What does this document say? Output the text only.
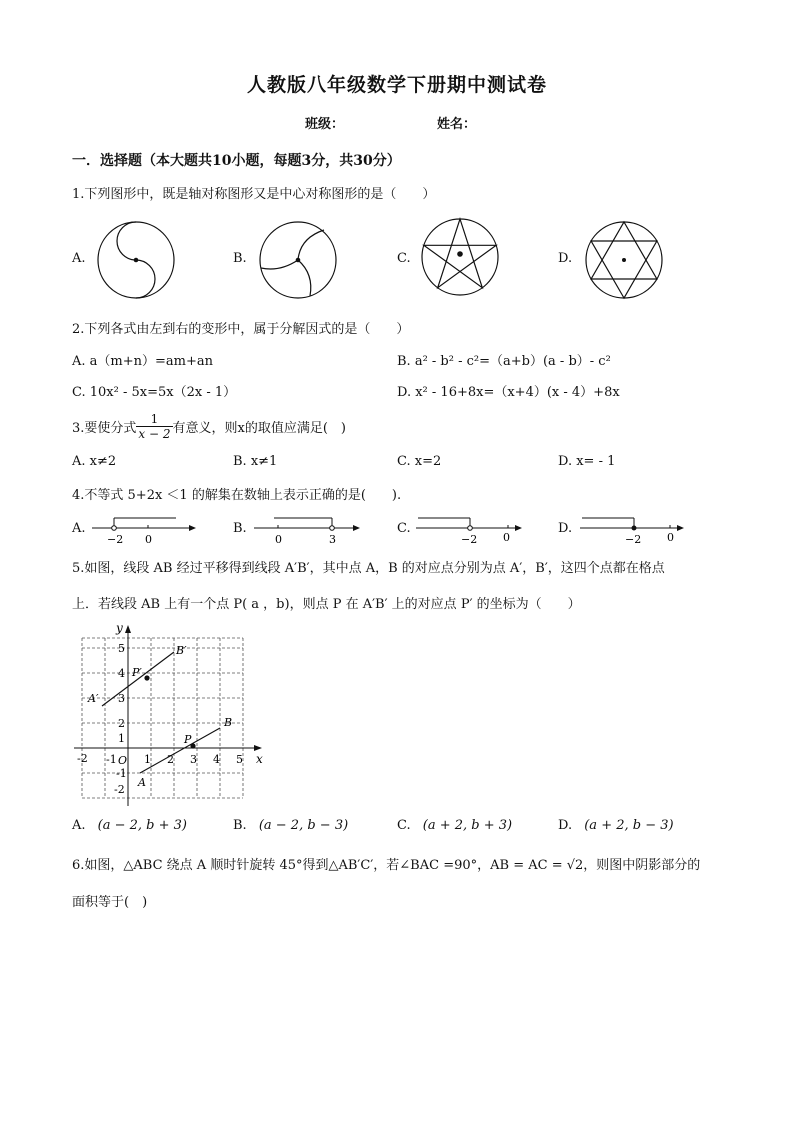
人教版八年级数学下册期中测试卷
班级：	姓名：
一．选择题（本大题共10小题，每题3分，共30分）
1.下列图形中，既是轴对称图形又是中心对称图形的是（　　）
A.	B.	C.	D.
2.下列各式由左到右的变形中，属于分解因式的是（　　）
A. a（m+n）=am+an	B. a² - b² - c²=（a+b）(a - b）- c²
C. 10x² - 5x=5x（2x - 1）	D. x² - 16+8x=（x+4）(x - 4）+8x
3.要使分式 $\frac{1}{x - 2}$ 有意义，则x的取值应满足(　)
A. x≠2	B. x≠1	C. x=2	D. x= - 1
4.不等式 5+2x ＜1 的解集在数轴上表示正确的是(　　).
A.	B.	C.	D.
−2 0	0	3	−2 0	−2 0
5.如图，线段 AB 经过平移得到线段 A′B′，其中点 A，B 的对应点分别为点 A′，B′，这四个点都在格点
上．若线段 AB 上有一个点 P( a ，b)，则点 P 在 A′B′ 上的对应点 P′ 的坐标为（　　）
y
x
5
4
3
2
1
-1
-2
-2 -1 1 2 3 4 5
O
A
B
P
A′
B′
P′
A. (a − 2, b + 3)	B. (a − 2, b − 3)	C. (a + 2, b + 3)	D. (a + 2, b − 3)
6.如图，△ABC 绕点 A 顺时针旋转 45°得到△AB′C′，若∠BAC =90°，AB = AC = √2，则图中阴影部分的
面积等于(　)
